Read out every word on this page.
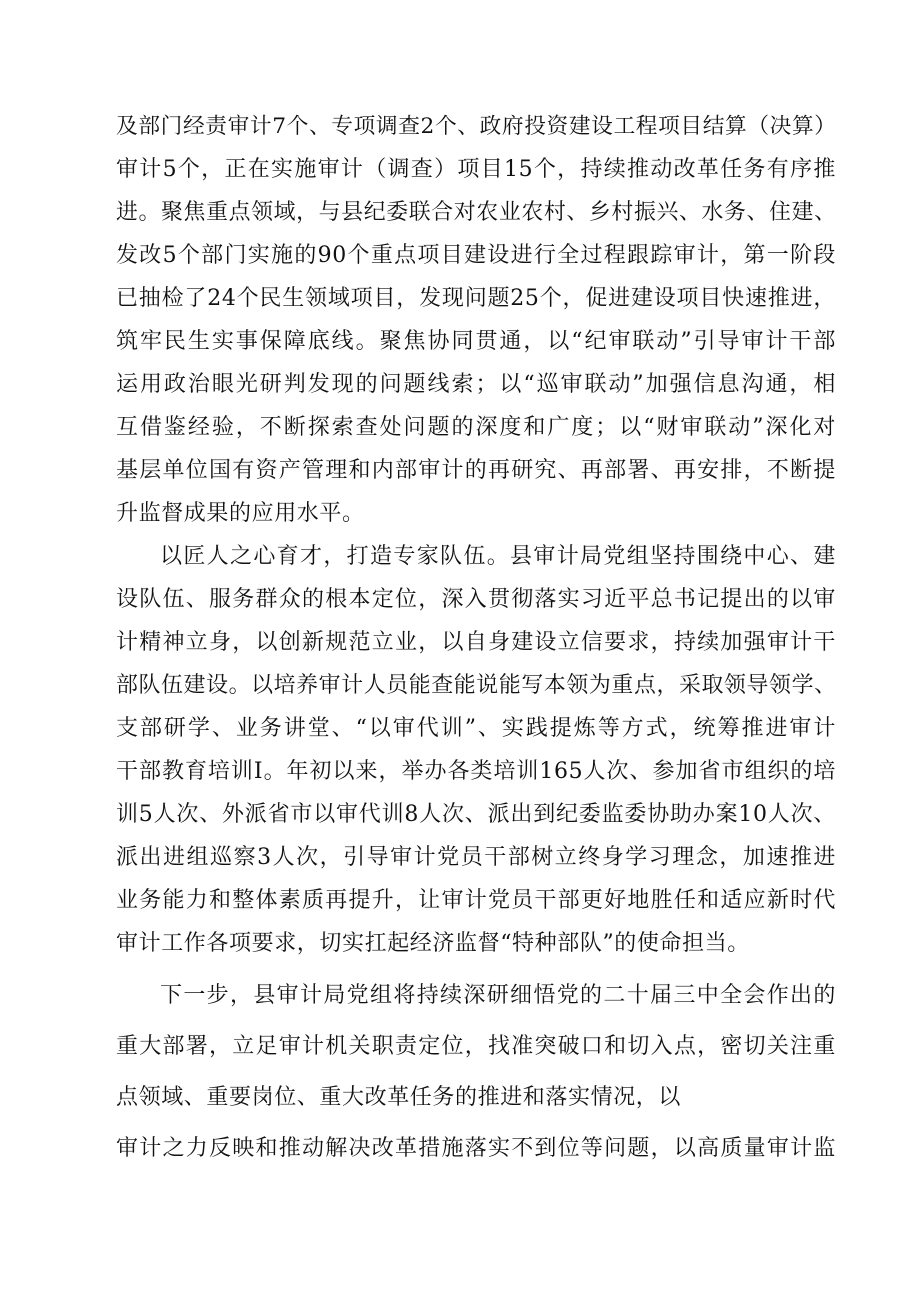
及部门经责审计7个、专项调查2个、政府投资建设工程项目结算（决算）
审计5个，正在实施审计（调查）项目15个，持续推动改革任务有序推
进。聚焦重点领域，与县纪委联合对农业农村、乡村振兴、水务、住建、
发改5个部门实施的90个重点项目建设进行全过程跟踪审计，第一阶段
已抽检了24个民生领域项目，发现问题25个，促进建设项目快速推进，
筑牢民生实事保障底线。聚焦协同贯通，以“纪审联动”引导审计干部
运用政治眼光研判发现的问题线索；以“巡审联动”加强信息沟通，相
互借鉴经验，不断探索查处问题的深度和广度；以“财审联动”深化对
基层单位国有资产管理和内部审计的再研究、再部署、再安排，不断提
升监督成果的应用水平。
以匠人之心育才，打造专家队伍。县审计局党组坚持围绕中心、建
设队伍、服务群众的根本定位，深入贯彻落实习近平总书记提出的以审
计精神立身，以创新规范立业，以自身建设立信要求，持续加强审计干
部队伍建设。以培养审计人员能查能说能写本领为重点，采取领导领学、
支部研学、业务讲堂、“以审代训”、实践提炼等方式，统筹推进审计
干部教育培训I。年初以来，举办各类培训165人次、参加省市组织的培
训5人次、外派省市以审代训8人次、派出到纪委监委协助办案10人次、
派出进组巡察3人次，引导审计党员干部树立终身学习理念，加速推进
业务能力和整体素质再提升，让审计党员干部更好地胜任和适应新时代
审计工作各项要求，切实扛起经济监督“特种部队”的使命担当。
下一步，县审计局党组将持续深研细悟党的二十届三中全会作出的
重大部署，立足审计机关职责定位，找准突破口和切入点，密切关注重
点领域、重要岗位、重大改革任务的推进和落实情况，以
审计之力反映和推动解决改革措施落实不到位等问题，以高质量审计监
